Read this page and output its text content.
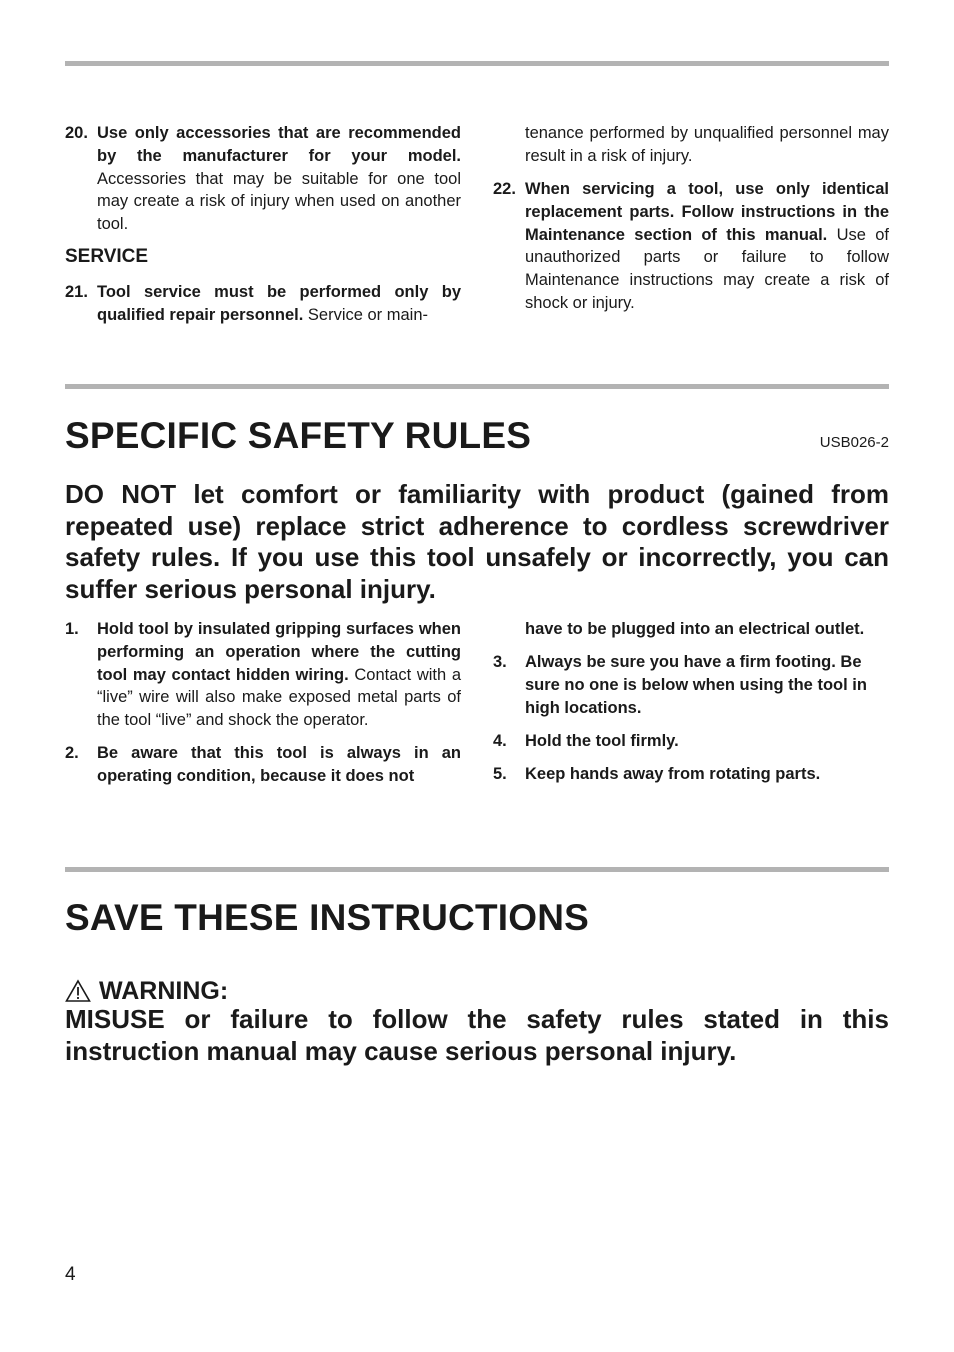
20. Use only accessories that are recommended by the manufacturer for your model. Accessories that may be suitable for one tool may create a risk of injury when used on another tool.
SERVICE
21. Tool service must be performed only by qualified repair personnel. Service or main-
tenance performed by unqualified personnel may result in a risk of injury.
22. When servicing a tool, use only identical replacement parts. Follow instructions in the Maintenance section of this manual. Use of unauthorized parts or failure to follow Maintenance instructions may create a risk of shock or injury.
SPECIFIC SAFETY RULES	USB026-2
DO NOT let comfort or familiarity with product (gained from repeated use) replace strict adherence to cordless screwdriver safety rules. If you use this tool unsafely or incorrectly, you can suffer serious personal injury.
1.	Hold tool by insulated gripping surfaces when performing an operation where the cutting tool may contact hidden wiring. Contact with a “live” wire will also make exposed metal parts of the tool “live” and shock the operator.
2.	Be aware that this tool is always in an operating condition, because it does not
have to be plugged into an electrical outlet.
3.	Always be sure you have a firm footing. Be sure no one is below when using the tool in high locations.
4.	Hold the tool firmly.
5.	Keep hands away from rotating parts.
SAVE THESE INSTRUCTIONS
WARNING:
MISUSE or failure to follow the safety rules stated in this instruction manual may cause serious personal injury.
4
